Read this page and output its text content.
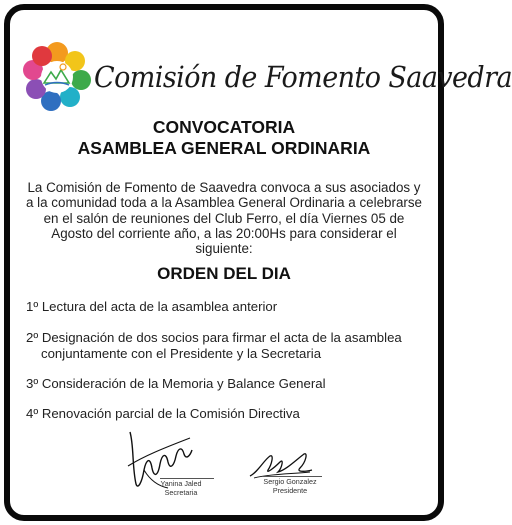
Comisión de Fomento Saavedra
CONVOCATORIA
ASAMBLEA GENERAL ORDINARIA
La Comisión de Fomento de Saavedra convoca a sus asociados y a la comunidad toda a la Asamblea General Ordinaria a celebrarse en el salón de reuniones del Club Ferro, el día Viernes 05 de Agosto del corriente año, a las 20:00Hs para considerar el siguiente:
ORDEN DEL DIA
1º Lectura del acta de la asamblea anterior
2º Designación de dos socios para firmar el acta de la asamblea conjuntamente con el Presidente y la Secretaria
3º Consideración de la Memoria y Balance General
4º Renovación parcial de la Comisión Directiva
Yanina Jaled
Secretaria
Sergio Gonzalez
Presidente
